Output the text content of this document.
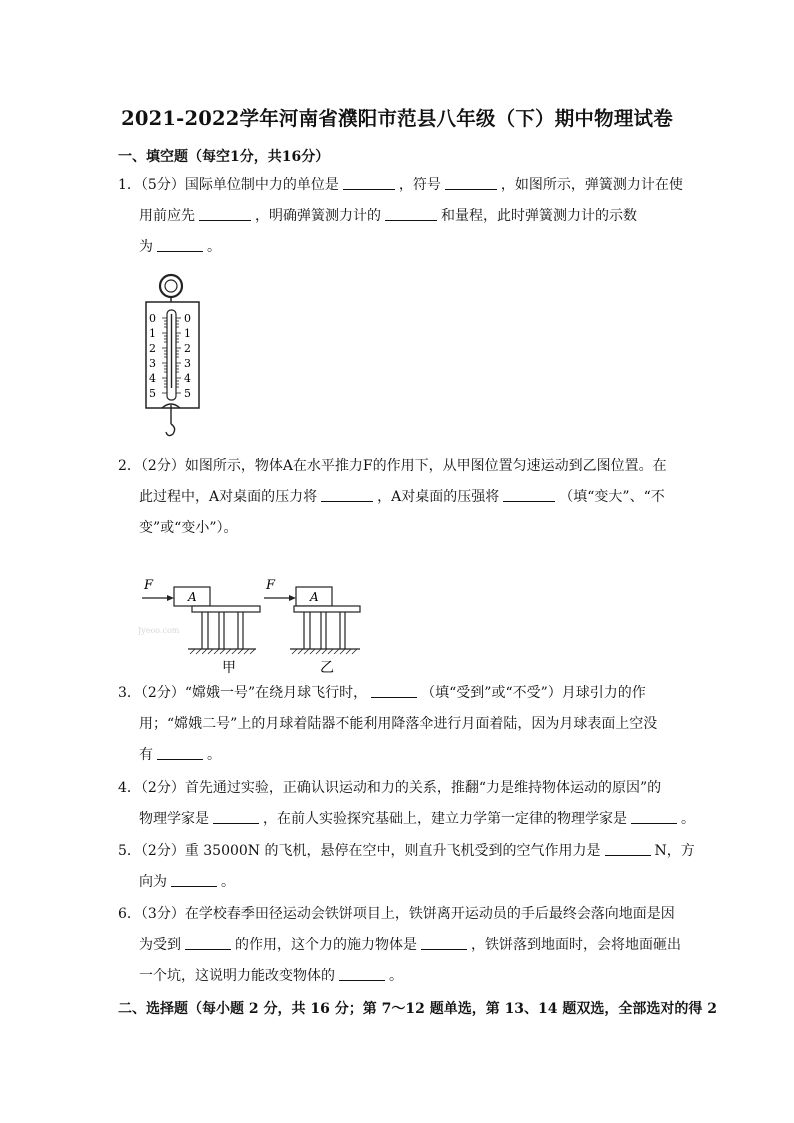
2021-2022学年河南省濮阳市范县八年级（下）期中物理试卷
一、填空题（每空1分，共16分）
1．（5分）国际单位制中力的单位是	，符号	，如图所示，弹簧测力计在使
用前应先	，明确弹簧测力计的	和量程，此时弹簧测力计的示数
为	。
0
1
2
3
4
5
0
1
2
3
4
5
2．（2分）如图所示，物体A在水平推力F的作用下，从甲图位置匀速运动到乙图位置。在
此过程中，A对桌面的压力将	，A对桌面的压强将	（填“变大”、“不
变”或“变小”）。
F
A
Jyeoo.com
甲
F
A
乙
3．（2分）“嫦娥一号”在绕月球飞行时，	（填“受到”或“不受”）月球引力的作
用；“嫦娥二号”上的月球着陆器不能利用降落伞进行月面着陆，因为月球表面上空没
有	。
4．（2分）首先通过实验，正确认识运动和力的关系，推翻“力是维持物体运动的原因”的
物理学家是	，在前人实验探究基础上，建立力学第一定律的物理学家是	。
5．（2分）重 35000N 的飞机，悬停在空中，则直升飞机受到的空气作用力是	N，方
向为	。
6．（3分）在学校春季田径运动会铁饼项目上，铁饼离开运动员的手后最终会落向地面是因
为受到	的作用，这个力的施力物体是	，铁饼落到地面时，会将地面砸出
一个坑，这说明力能改变物体的	。
二、选择题（每小题 2 分，共 16 分；第 7～12 题单选，第 13、14 题双选，全部选对的得 2
